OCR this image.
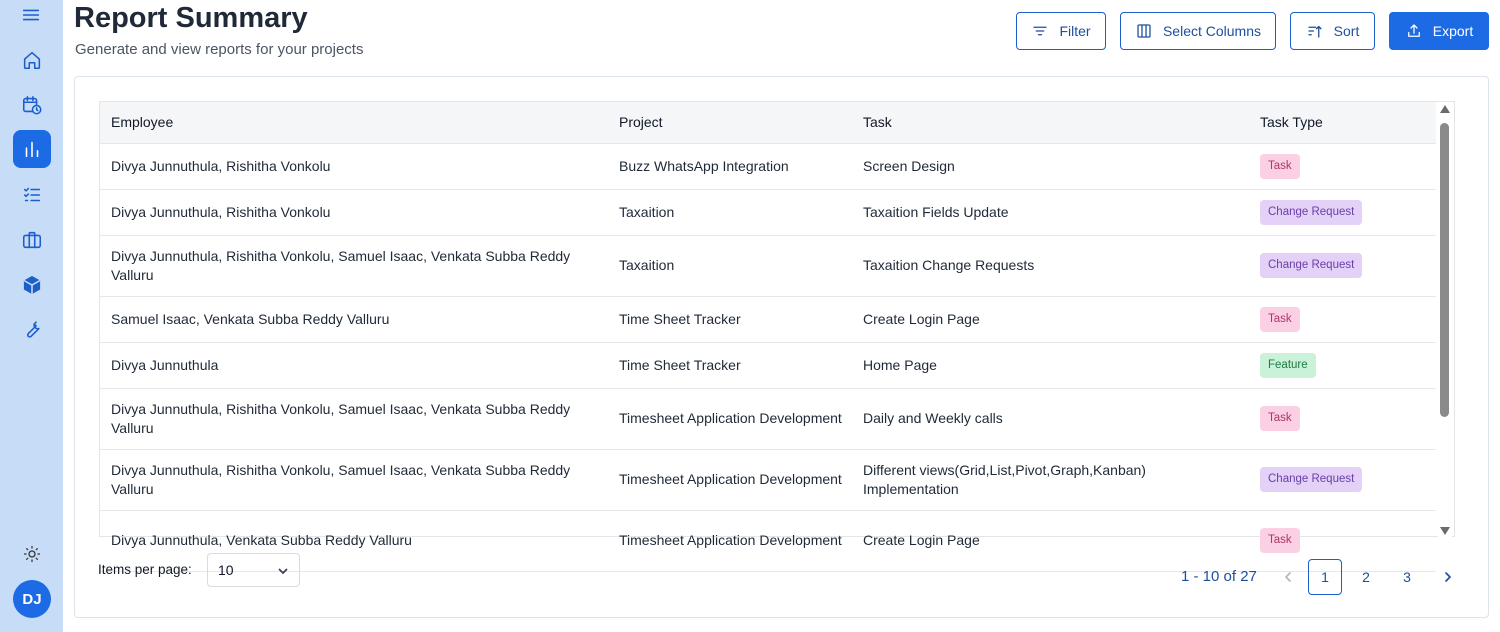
DJ
Report Summary
Generate and view reports for your projects
Filter	Select Columns	Sort	Export
Employee	Project	Task	Task Type
Divya Junnuthula, Rishitha Vonkolu	Buzz WhatsApp Integration	Screen Design	Task
Divya Junnuthula, Rishitha Vonkolu	Taxaition	Taxaition Fields Update	Change Request
Divya Junnuthula, Rishitha Vonkolu, Samuel Isaac, Venkata Subba Reddy Valluru	Taxaition	Taxaition Change Requests	Change Request
Samuel Isaac, Venkata Subba Reddy Valluru	Time Sheet Tracker	Create Login Page	Task
Divya Junnuthula	Time Sheet Tracker	Home Page	Feature
Divya Junnuthula, Rishitha Vonkolu, Samuel Isaac, Venkata Subba Reddy Valluru	Timesheet Application Development	Daily and Weekly calls	Task
Divya Junnuthula, Rishitha Vonkolu, Samuel Isaac, Venkata Subba Reddy Valluru	Timesheet Application Development	Different views(Grid,List,Pivot,Graph,Kanban) Implementation	Change Request
Divya Junnuthula, Venkata Subba Reddy Valluru	Timesheet Application Development	Create Login Page	Task
Items per page: 10	1 - 10 of 27	1 2 3
